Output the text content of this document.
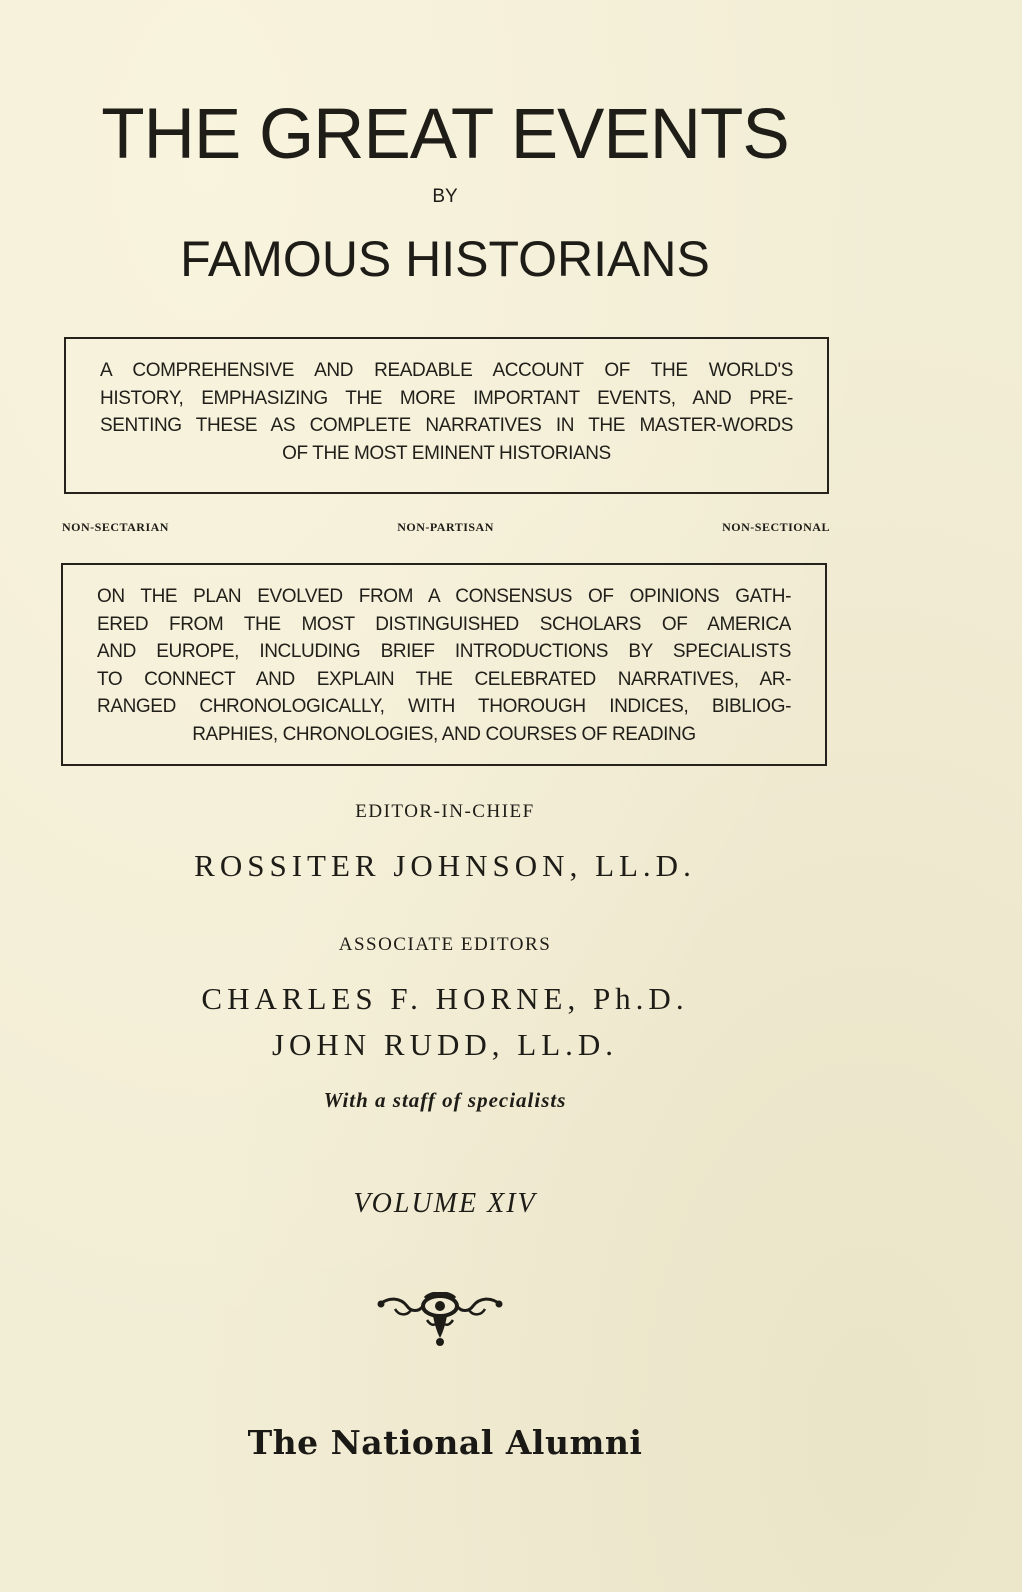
THE GREAT EVENTS
BY
FAMOUS HISTORIANS
A COMPREHENSIVE AND READABLE ACCOUNT OF THE WORLD'S
HISTORY, EMPHASIZING THE MORE IMPORTANT EVENTS, AND PRE-
SENTING THESE AS COMPLETE NARRATIVES IN THE MASTER-WORDS
OF THE MOST EMINENT HISTORIANS
NON-SECTARIAN	NON-PARTISAN	NON-SECTIONAL
ON THE PLAN EVOLVED FROM A CONSENSUS OF OPINIONS GATH-
ERED FROM THE MOST DISTINGUISHED SCHOLARS OF AMERICA
AND EUROPE, INCLUDING BRIEF INTRODUCTIONS BY SPECIALISTS
TO CONNECT AND EXPLAIN THE CELEBRATED NARRATIVES, AR-
RANGED CHRONOLOGICALLY, WITH THOROUGH INDICES, BIBLIOG-
RAPHIES, CHRONOLOGIES, AND COURSES OF READING
EDITOR-IN-CHIEF
ROSSITER JOHNSON, LL.D.
ASSOCIATE EDITORS
CHARLES F. HORNE, Ph.D.
JOHN RUDD, LL.D.
With a staff of specialists
VOLUME XIV
The National Alumni
